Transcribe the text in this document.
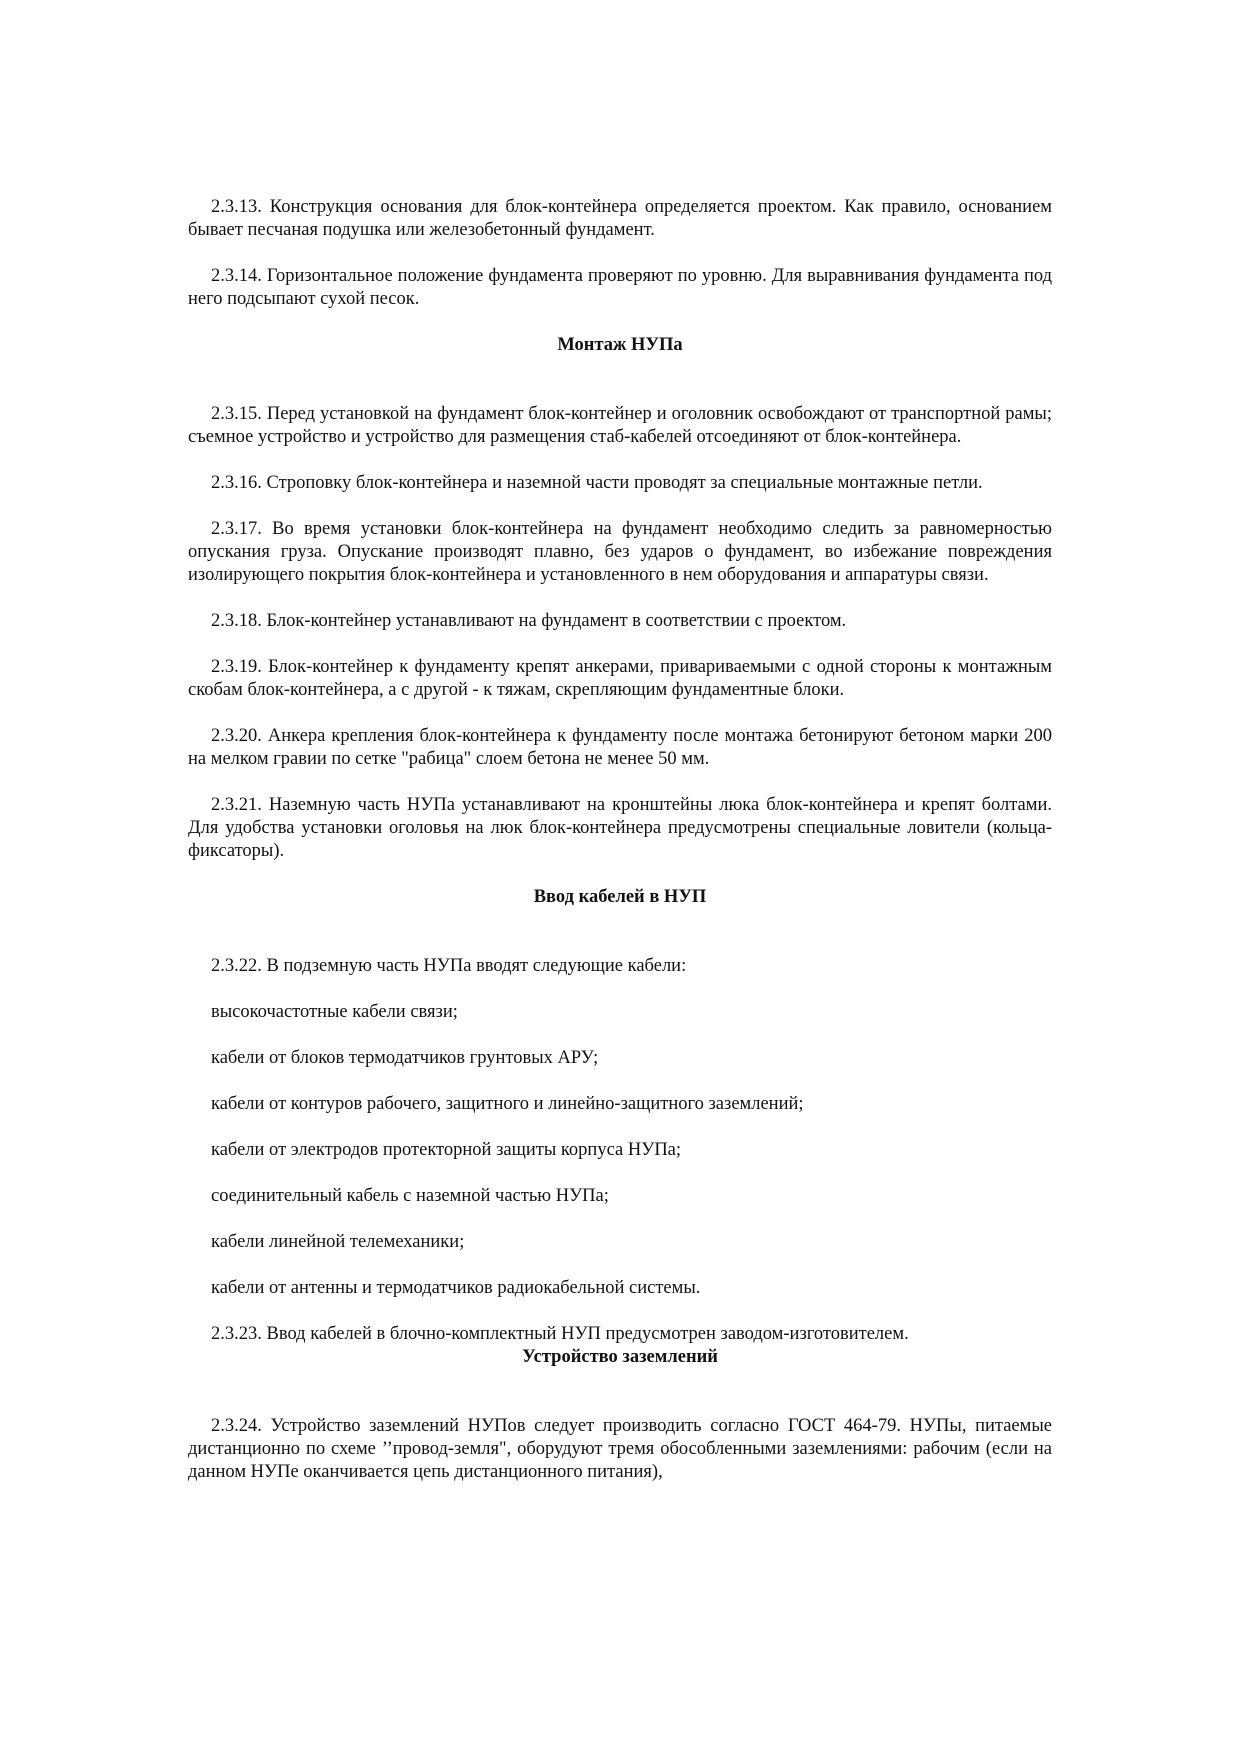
2.3.13. Конструкция основания для блок-контейнера определяется проектом. Как правило, основанием бывает песчаная подушка или железобетонный фундамент.

2.3.14. Горизонтальное положение фундамента проверяют по уровню. Для выравнивания фундамента под него подсыпают сухой песок.

Монтаж НУПа

2.3.15. Перед установкой на фундамент блок-контейнер и оголовник освобождают от транспортной рамы; съемное устройство и устройство для размещения стаб-кабелей отсоединяют от блок-контейнера.

2.3.16. Строповку блок-контейнера и наземной части проводят за специальные монтажные петли.

2.3.17. Во время установки блок-контейнера на фундамент необходимо следить за равномерностью опускания груза. Опускание производят плавно, без ударов о фундамент, во избежание повреждения изолирующего покрытия блок-контейнера и установленного в нем оборудования и аппаратуры связи.

2.3.18. Блок-контейнер устанавливают на фундамент в соответствии с проектом.

2.3.19. Блок-контейнер к фундаменту крепят анкерами, привариваемыми с одной стороны к монтажным скобам блок-контейнера, а с другой - к тяжам, скрепляющим фундаментные блоки.

2.3.20. Анкера крепления блок-контейнера к фундаменту после монтажа бетонируют бетоном марки 200 на мелком гравии по сетке "рабица" слоем бетона не менее 50 мм.

2.3.21. Наземную часть НУПа устанавливают на кронштейны люка блок-контейнера и крепят болтами. Для удобства установки оголовья на люк блок-контейнера предусмотрены специальные ловители (кольца-фиксаторы).

Ввод кабелей в НУП

2.3.22. В подземную часть НУПа вводят следующие кабели:

высокочастотные кабели связи;

кабели от блоков термодатчиков грунтовых АРУ;

кабели от контуров рабочего, защитного и линейно-защитного заземлений;

кабели от электродов протекторной защиты корпуса НУПа;

соединительный кабель с наземной частью НУПа;

кабели линейной телемеханики;

кабели от антенны и термодатчиков радиокабельной системы.

2.3.23. Ввод кабелей в блочно-комплектный НУП предусмотрен заводом-изготовителем.

Устройство заземлений

2.3.24. Устройство заземлений НУПов следует производить согласно ГОСТ 464-79. НУПы, питаемые дистанционно по схеме ’’провод-земля", оборудуют тремя обособленными заземлениями: рабочим (если на данном НУПе оканчивается цепь дистанционного питания),
